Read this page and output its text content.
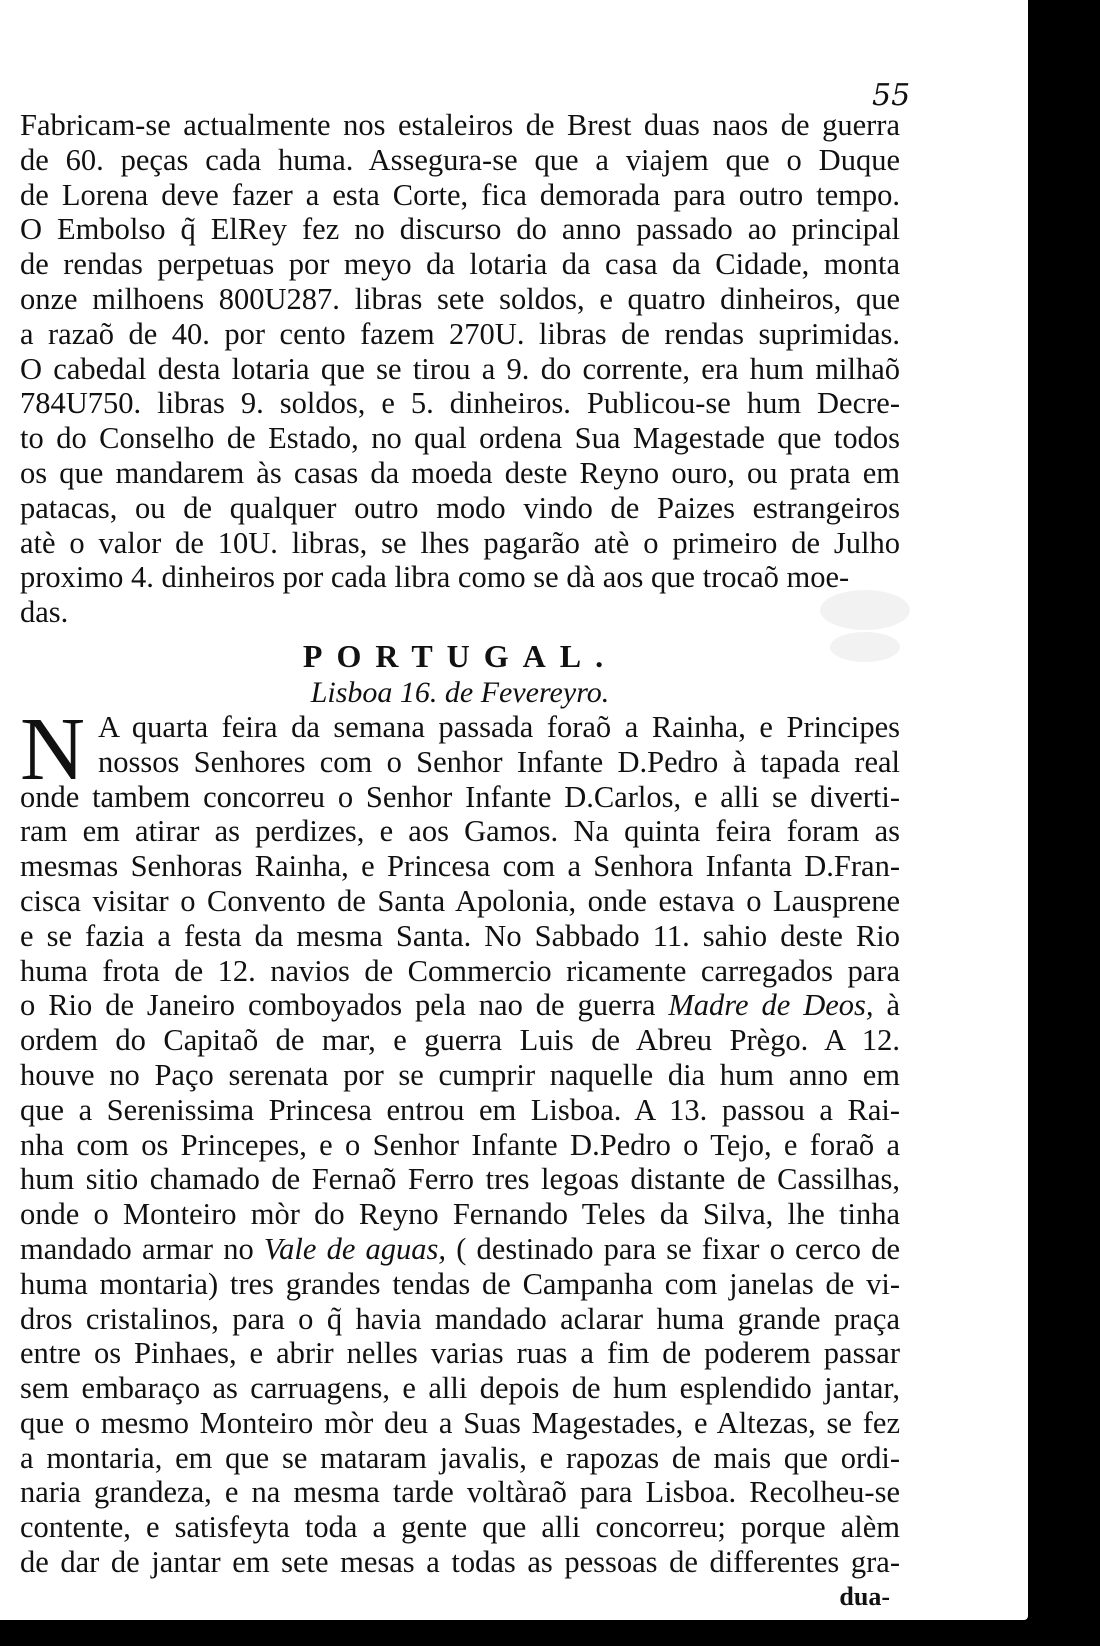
55
Fabricam-se actualmente nos estaleiros de Brest duas naos de guerra
de 60. peças cada huma. Assegura-se que a viajem que o Duque
de Lorena deve fazer a esta Corte, fica demorada para outro tempo.
O Embolso q̃ ElRey fez no discurso do anno passado ao principal
de rendas perpetuas por meyo da lotaria da casa da Cidade, monta
onze milhoens 800U287. libras sete soldos, e quatro dinheiros, que
a razaõ de 40. por cento fazem 270U. libras de rendas suprimidas.
O cabedal desta lotaria que se tirou a 9. do corrente, era hum milhaõ
784U750. libras 9. soldos, e 5. dinheiros. Publicou-se hum Decre-
to do Conselho de Estado, no qual ordena Sua Magestade que todos
os que mandarem às casas da moeda deste Reyno ouro, ou prata em
patacas, ou de qualquer outro modo vindo de Paizes estrangeiros
atè o valor de 10U. libras, se lhes pagarão atè o primeiro de Julho
proximo 4. dinheiros por cada libra como se dà aos que trocaõ moe-
das.
PORTUGAL.
Lisboa 16. de Fevereyro.
N A quarta feira da semana passada foraõ a Rainha, e Principes
nossos Senhores com o Senhor Infante D.Pedro à tapada real
onde tambem concorreu o Senhor Infante D.Carlos, e alli se diverti-
ram em atirar as perdizes, e aos Gamos. Na quinta feira foram as
mesmas Senhoras Rainha, e Princesa com a Senhora Infanta D.Fran-
cisca visitar o Convento de Santa Apolonia, onde estava o Lausprene
e se fazia a festa da mesma Santa. No Sabbado 11. sahio deste Rio
huma frota de 12. navios de Commercio ricamente carregados para
o Rio de Janeiro comboyados pela nao de guerra Madre de Deos, à
ordem do Capitaõ de mar, e guerra Luis de Abreu Prègo. A 12.
houve no Paço serenata por se cumprir naquelle dia hum anno em
que a Serenissima Princesa entrou em Lisboa. A 13. passou a Rai-
nha com os Princepes, e o Senhor Infante D.Pedro o Tejo, e foraõ a
hum sitio chamado de Fernaõ Ferro tres legoas distante de Cassilhas,
onde o Monteiro mòr do Reyno Fernando Teles da Silva, lhe tinha
mandado armar no Vale de aguas, ( destinado para se fixar o cerco de
huma montaria) tres grandes tendas de Campanha com janelas de vi-
dros cristalinos, para o q̃ havia mandado aclarar huma grande praça
entre os Pinhaes, e abrir nelles varias ruas a fim de poderem passar
sem embaraço as carruagens, e alli depois de hum esplendido jantar,
que o mesmo Monteiro mòr deu a Suas Magestades, e Altezas, se fez
a montaria, em que se mataram javalis, e rapozas de mais que ordi-
naria grandeza, e na mesma tarde voltàraõ para Lisboa. Recolheu-se
contente, e satisfeyta toda a gente que alli concorreu; porque alèm
de dar de jantar em sete mesas a todas as pessoas de differentes gra-
dua-
